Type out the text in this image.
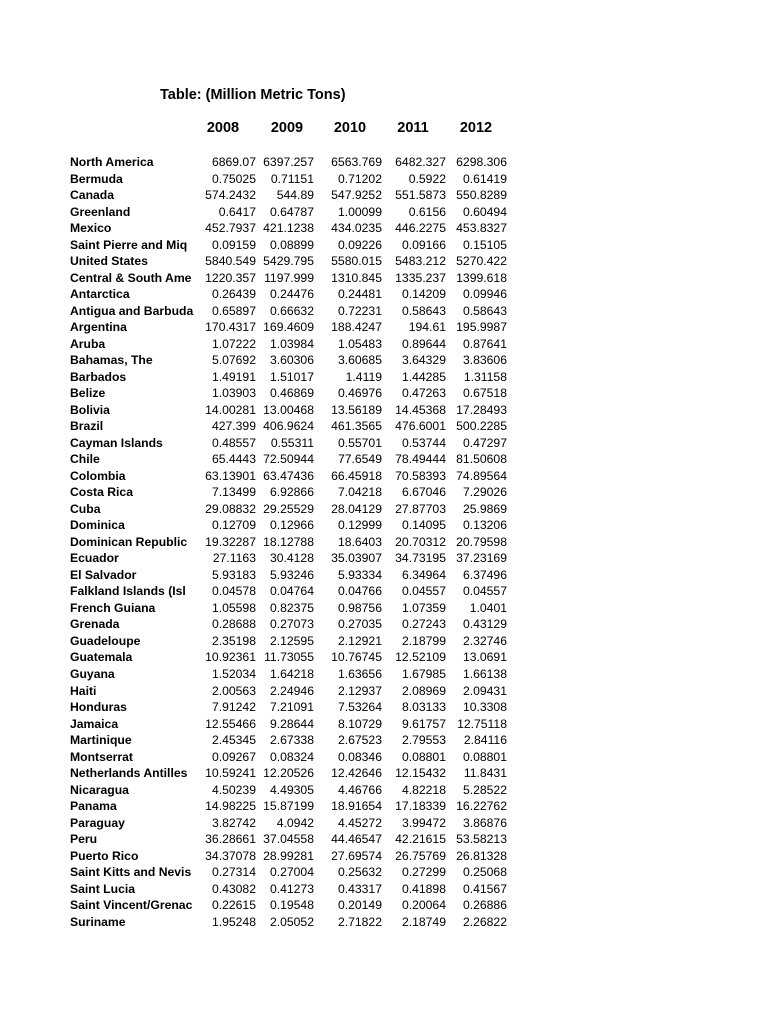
Table: (Million Metric Tons)
2008	2009	2010	2011	2012
North America	6869.07 6397.257	6563.769	6482.327 6298.306
Bermuda	0.75025	0.71151	0.71202	0.5922	0.61419
Canada	574.2432	544.89	547.9252	551.5873 550.8289
Greenland	0.6417	0.64787	1.00099	0.6156	0.60494
Mexico	452.7937 421.1238	434.0235	446.2275 453.8327
Saint Pierre and Miq	0.09159	0.08899	0.09226	0.09166	0.15105
United States	5840.549 5429.795	5580.015	5483.212 5270.422
Central & South Ame	1220.357 1197.999	1310.845	1335.237 1399.618
Antarctica	0.26439	0.24476	0.24481	0.14209	0.09946
Antigua and Barbuda	0.65897	0.66632	0.72231	0.58643	0.58643
Argentina	170.4317 169.4609	188.4247	194.61 195.9987
Aruba	1.07222	1.03984	1.05483	0.89644	0.87641
Bahamas, The	5.07692	3.60306	3.60685	3.64329	3.83606
Barbados	1.49191	1.51017	1.4119	1.44285	1.31158
Belize	1.03903	0.46869	0.46976	0.47263	0.67518
Bolivia	14.00281 13.00468	13.56189	14.45368 17.28493
Brazil	427.399 406.9624	461.3565	476.6001 500.2285
Cayman Islands	0.48557	0.55311	0.55701	0.53744	0.47297
Chile	65.4443 72.50944	77.6549	78.49444 81.50608
Colombia	63.13901 63.47436	66.45918	70.58393 74.89564
Costa Rica	7.13499	6.92866	7.04218	6.67046	7.29026
Cuba	29.08832 29.25529	28.04129	27.87703	25.9869
Dominica	0.12709	0.12966	0.12999	0.14095	0.13206
Dominican Republic	19.32287 18.12788	18.6403	20.70312 20.79598
Ecuador	27.1163	30.4128	35.03907	34.73195 37.23169
El Salvador	5.93183	5.93246	5.93334	6.34964	6.37496
Falkland Islands (Isl	0.04578	0.04764	0.04766	0.04557	0.04557
French Guiana	1.05598	0.82375	0.98756	1.07359	1.0401
Grenada	0.28688	0.27073	0.27035	0.27243	0.43129
Guadeloupe	2.35198	2.12595	2.12921	2.18799	2.32746
Guatemala	10.92361 11.73055	10.76745	12.52109	13.0691
Guyana	1.52034	1.64218	1.63656	1.67985	1.66138
Haiti	2.00563	2.24946	2.12937	2.08969	2.09431
Honduras	7.91242	7.21091	7.53264	8.03133	10.3308
Jamaica	12.55466	9.28644	8.10729	9.61757 12.75118
Martinique	2.45345	2.67338	2.67523	2.79553	2.84116
Montserrat	0.09267	0.08324	0.08346	0.08801	0.08801
Netherlands Antilles	10.59241 12.20526	12.42646	12.15432	11.8431
Nicaragua	4.50239	4.49305	4.46766	4.82218	5.28522
Panama	14.98225 15.87199	18.91654	17.18339 16.22762
Paraguay	3.82742	4.0942	4.45272	3.99472	3.86876
Peru	36.28661 37.04558	44.46547	42.21615 53.58213
Puerto Rico	34.37078 28.99281	27.69574	26.75769 26.81328
Saint Kitts and Nevis	0.27314	0.27004	0.25632	0.27299	0.25068
Saint Lucia	0.43082	0.41273	0.43317	0.41898	0.41567
Saint Vincent/Grenac	0.22615	0.19548	0.20149	0.20064	0.26886
Suriname	1.95248	2.05052	2.71822	2.18749	2.26822
